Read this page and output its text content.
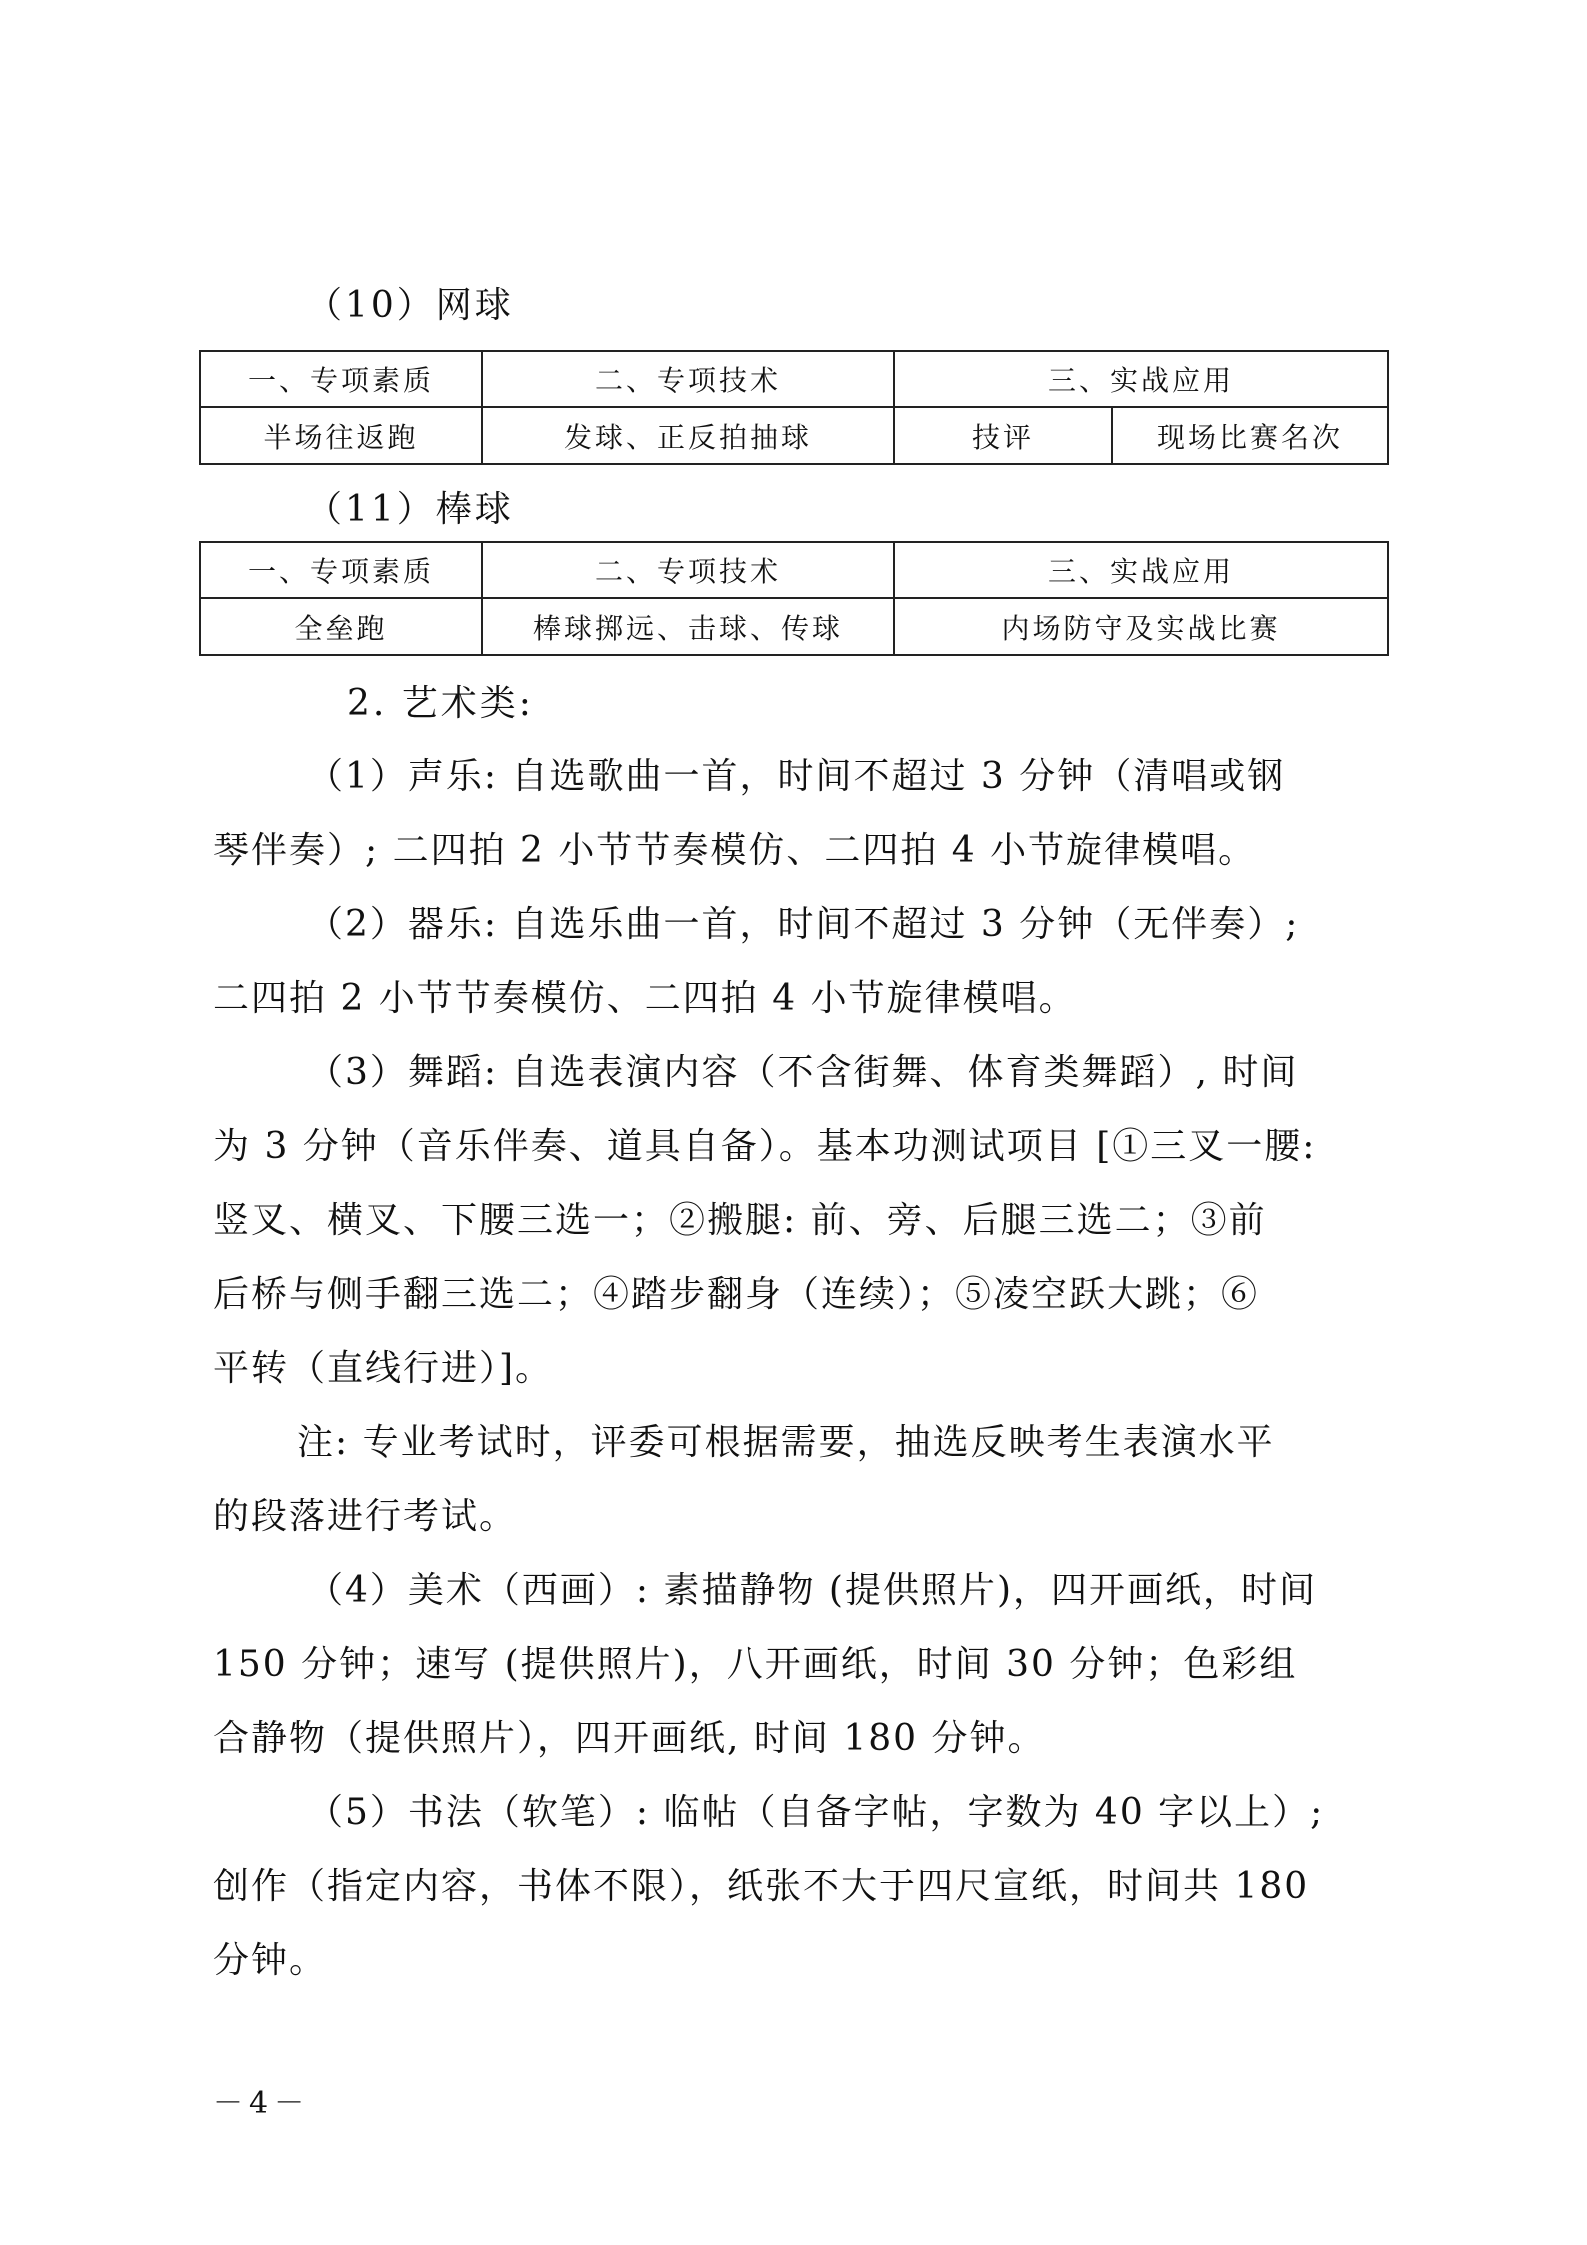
（10）网球
一、专项素质	二、专项技术	三、实战应用	
半场往返跑	发球、正反拍抽球	技评	现场比赛名次
（11）棒球
一、专项素质	二、专项技术	三、实战应用
全垒跑	棒球掷远、击球、传球	内场防守及实战比赛
2. 艺术类:
（1）声乐: 自选歌曲一首，时间不超过 3 分钟（清唱或钢
琴伴奏）; 二四拍 2 小节节奏模仿、二四拍 4 小节旋律模唱。
（2）器乐: 自选乐曲一首，时间不超过 3 分钟（无伴奏）;
二四拍 2 小节节奏模仿、二四拍 4 小节旋律模唱。
（3）舞蹈: 自选表演内容（不含街舞、体育类舞蹈）, 时间
为 3 分钟（音乐伴奏、道具自备）。基本功测试项目 [①三叉一腰:
竖叉、横叉、下腰三选一；②搬腿: 前、旁、后腿三选二；③前
后桥与侧手翻三选二；④踏步翻身（连续）；⑤凌空跃大跳；⑥
平转（直线行进）]。
注: 专业考试时，评委可根据需要，抽选反映考生表演水平
的段落进行考试。
（4）美术（西画）: 素描静物 (提供照片)，四开画纸，时间
150 分钟；速写 (提供照片)，八开画纸，时间 30 分钟；色彩组
合静物（提供照片），四开画纸, 时间 180 分钟。
（5）书法（软笔）: 临帖（自备字帖，字数为 40 字以上）;
创作（指定内容，书体不限），纸张不大于四尺宣纸，时间共 180
分钟。
－4－
